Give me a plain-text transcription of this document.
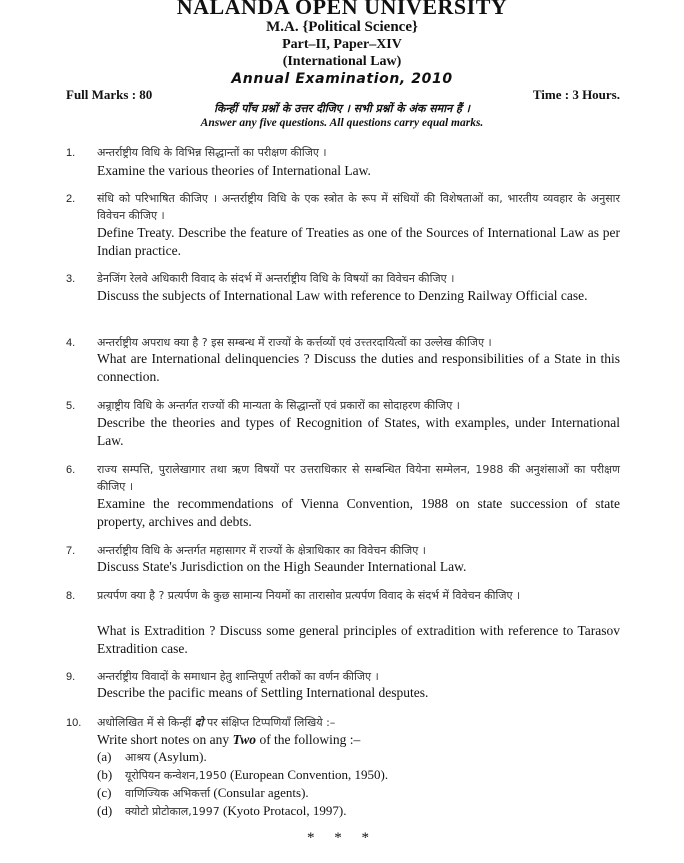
NALANDA OPEN UNIVERSITY
M.A. {Political Science}
Part–II, Paper–XIV
(International Law)
Annual Examination, 2010
Full Marks : 80	Time : 3 Hours.
किन्हीं पाँच प्रश्नों के उत्तर दीजिए । सभी प्रश्नों के अंक समान हैं ।
Answer any five questions. All questions carry equal marks.
1. अन्तर्राष्ट्रीय विधि के विभिन्न सिद्धान्तों का परीक्षण कीजिए ।
Examine the various theories of International Law.
2. संधि को परिभाषित कीजिए । अन्तर्राष्ट्रीय विधि के एक स्त्रोत के रूप में संधियों की विशेषताओं का, भारतीय व्यवहार के अनुसार विवेचन कीजिए ।
Define Treaty. Describe the feature of Treaties as one of the Sources of International Law as per Indian practice.
3. डेनजिंग रेलवे अधिकारी विवाद के संदर्भ में अन्तर्राष्ट्रीय विधि के विषयों का विवेचन कीजिए ।
Discuss the subjects of International Law with reference to Denzing Railway Official case.
4. अन्तर्राष्ट्रीय अपराध क्या है ? इस सम्बन्ध में राज्यों के कर्त्तव्यों एवं उत्त्तरदायित्वों का उल्लेख कीजिए ।
What are International delinquencies ? Discuss the duties and responsibilities of a State in this connection.
5. अन्र्राष्ट्रीय विधि के अन्तर्गत राज्यों की मान्यता के सिद्धान्तों एवं प्रकारों का सोदाहरण कीजिए ।
Describe the theories and types of Recognition of States, with examples, under International Law.
6. राज्य सम्पत्ति, पुरालेखागार तथा ऋण विषयों पर उत्तराधिकार से सम्बन्धित वियेना सम्मेलन, 1988 की अनुशंसाओं का परीक्षण कीजिए ।
Examine the recommendations of Vienna Convention, 1988 on state succession of state property, archives and debts.
7. अन्तर्राष्ट्रीय विधि के अन्तर्गत महासागर में राज्यों के क्षेत्राधिकार का विवेचन कीजिए ।
Discuss State's Jurisdiction on the High Seaunder International Law.
8. प्रत्यर्पण क्या है ? प्रत्यर्पण के कुछ सामान्य नियमों का तारासोव प्रत्यर्पण विवाद के संदर्भ में विवेचन कीजिए ।
What is Extradition ? Discuss some general principles of extradition with reference to Tarasov Extradition case.
9. अन्तर्राष्ट्रीय विवादों के समाधान हेतु शान्तिपूर्ण तरीकों का वर्णन कीजिए ।
Describe the pacific means of Settling International desputes.
10. अधोलिखित में से किन्हीं दो पर संक्षिप्त टिप्पणियाँ लिखिये :–
Write short notes on any Two of the following :–
(a) आश्रय (Asylum).
(b) यूरोपियन कन्वेशन,1950 (European Convention, 1950).
(c) वाणिज्यिक अभिकर्त्ता (Consular agents).
(d) क्योटो प्रोटोकाल,1997 (Kyoto Protacol, 1997).
* * *
